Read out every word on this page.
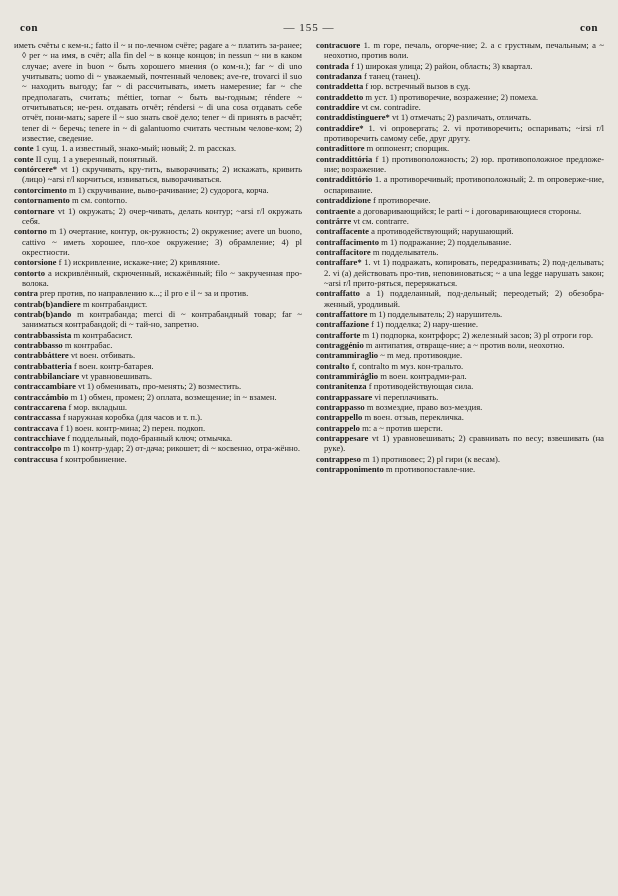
con	— 155 —	con

иметь счёты с кем-н.; fatto il ~ н по-лечном счёте; pagare a ~ платить за-ранее; ◊ per ~ на имя, в счёт; alla fin del ~ в конце концов; in nessun ~ ни в каком случае; avere in buon ~ быть хорошего мнения (о ком-н.); far ~ di uno учитывать; uomo di ~ уважаемый, почтенный человек; ave-re, trovarci il suo ~ находить выгоду; far ~ di рассчитывать, иметь намерение; far ~ che предполагать, считать; méttier, tornar ~ быть вы-годным; réndere ~ отчитываться; не-рен. отдавать отчёт; réndersi ~ di una cosa отдавать себе отчёт, пони-мать; sapere il ~ suo знать своё дело; tener ~ di принять в расчёт; tener di ~ беречь; tenere in ~ di galantuomo считать честным челове-ком; 2) известие, сведение.

conte 1 сущ. 1. а известный, знако-мый; новый; 2. m рассказ.

conte II сущ. 1 а уверенный, понятный.

contórcere* vt 1) скручивать, кру-тить, выворачивать; 2) искажать, кривить (лицо) ~arsi r/l корчиться, извиваться, выворачиваться.

contorcimento m 1) скручивание, выво-рачивание; 2) судорога, корча.

contornamento m см. contorno.

contornare vt 1) окружать; 2) очер-чивать, делать контур; ~arsi r/l окружать себя.

contorno m 1) очертание, контур, ок-ружность; 2) окружение; avere un buono, cattivo ~ иметь хорошее, пло-хое окружение; 3) обрамление; 4) pl окрестности.

contorsione f 1) искривление, искаже-ние; 2) кривляние.

contorto a искривлённый, скрюченный, искажённый; filo ~ закрученная про-волока.

contra prep против, по направлению к...; il pro e il ~ за и против.

contrab(b)andiere m контрабандист.

contrab(b)ando m контрабанда; merci di ~ контрабандный товар; far ~ заниматься контрабандой; di ~ тай-но, запретно.

contrabbassista m контрабасист.

contrabbasso m контрабас.

contrabbáttere vt воен. отбивать.

contrabbatteria f воен. контр-батарея.

contrabbilanciare vt уравновешивать.

contraccambiare vt 1) обменивать, про-менять; 2) возместить.

contraccámbio m 1) обмен, промен; 2) оплата, возмещение; in ~ взамен.

contraccarena f мор. вкладыш.

contraccassa f наружная коробка (для часов и т. п.).

contraccava f 1) воен. контр-мина; 2) перен. подкоп.

contracchiave f поддельный, подо-бранный ключ; отмычка.

contraccolpo m 1) контр-удар; 2) от-дача; рикошет; di ~ косвенно, отра-жённо.

contraccusa f контробвинение.

contracuore 1. m горе, печаль, огорче-ние; 2. а с грустным, печальным; a ~ неохотно, против воли.

contrada f 1) широкая улица; 2) район, область; 3) квартал.

contradanza f танец (танец).

contraddetta f юр. встречный вызов в суд.

contraddetto m уст. 1) противоречие, возражение; 2) помеха.

contraddire vt см. contradire.

contraddistinguere* vt 1) отмечать; 2) различать, отличать.

contraddire* 1. vi опровергать; 2. vi противоречить; оспаривать; ~irsi r/l противоречить самому себе, друг другу.

contradittore m оппонент; спорщик.

contraddittória f 1) противоположность; 2) юр. противоположное предложе-ние; возражение.

contraddittório 1. а противоречивый; противоположный; 2. m опроверже-ние, оспаривание.

contraddizione f противоречие.

contraente а договаривающийся; le parti ~ i договаривающиеся стороны.

contrárre vt см. contrarre.

contraffacente а противодействующий; нарушающий.

contraffacimento m 1) подражание; 2) подделывание.

contraffacitore m подделыватель.

contraffare* 1. vt 1) подражать, копировать, передразнивать; 2) под-делывать; 2. vi (a) действовать про-тив, неповиноваться; ~ a una legge нарушать закон; ~arsi r/l прито-ряться, переряжаться.

contraffatto a 1) подделанный, под-дельный; переодетый; 2) обезобра-женный, уродливый.

contraffattore m 1) подделыватель; 2) нарушитель.

contraffazione f 1) подделка; 2) нару-шение.

contrafforte m 1) подпорка, контрфорс; 2) железный засов; 3) pl отроги гор.

contraggénio m антипатия, отвраще-ние; a ~ против воли, неохотно.

contrammiraglio ~ m мед. противоядие.

contralto f, contralto m муз. кон-тральто.

contrammiráglio m воен. контрадми-рал.

contranitenza f противодействующая сила.

contrappassare vi переплачивать.

contrappasso m возмездие, право воз-мездия.

contrappello m воен. отзыв, перекличка.

contrappelo m: a ~ против шерсти.

contrappesare vt 1) уравновешивать; 2) сравнивать по весу; взвешивать (на руке).

contrappeso m 1) противовес; 2) pl гири (к весам).

contrapponimento m противопоставле-ние.
